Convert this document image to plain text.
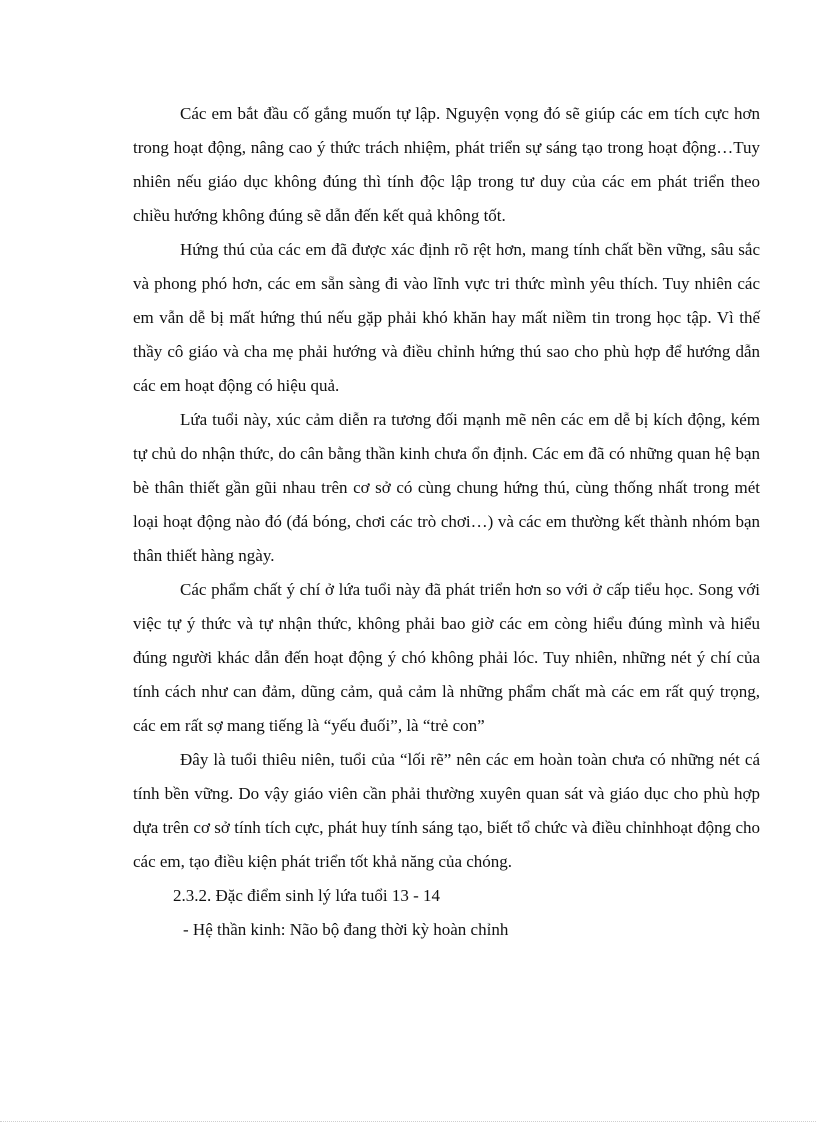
Các em bắt đầu cố gắng muốn tự lập. Nguyện vọng đó sẽ giúp các em tích cực hơn trong hoạt động, nâng cao ý thức trách nhiệm, phát triển sự sáng tạo trong hoạt động…Tuy nhiên nếu giáo dục không đúng thì tính độc lập trong tư duy của các em phát triển theo chiều hướng không đúng sẽ dẫn đến kết quả không tốt.

Hứng thú của các em đã được xác định rõ rệt hơn, mang tính chất bền vững, sâu sắc và phong phó hơn, các em sẵn sàng đi vào lĩnh vực tri thức mình yêu thích. Tuy nhiên các em vẫn dễ bị mất hứng thú nếu gặp phải khó khăn hay mất niềm tin trong học tập. Vì thế thầy cô giáo và cha mẹ phải hướng và điều chỉnh hứng thú sao cho phù hợp để hướng dẫn các em hoạt động có hiệu quả.

Lứa tuổi này, xúc cảm diễn ra tương đối mạnh mẽ nên các em dễ bị kích động, kém tự chủ do nhận thức, do cân bằng thần kinh chưa ổn định. Các em đã có những quan hệ bạn bè thân thiết gần gũi nhau trên cơ sở có cùng chung hứng thú, cùng thống nhất trong mét loại hoạt động nào đó (đá bóng, chơi các trò chơi…) và các em thường kết thành nhóm bạn thân thiết hàng ngày.

Các phẩm chất ý chí ở lứa tuổi này đã phát triển hơn so với ở cấp tiểu học. Song với việc tự ý thức và tự nhận thức, không phải bao giờ các em còng hiểu đúng mình và hiểu đúng người khác dẫn đến hoạt động ý chó không phải lóc. Tuy nhiên, những nét ý chí của tính cách như can đảm, dũng cảm, quả cảm là những phẩm chất mà các em rất quý trọng, các em rất sợ mang tiếng là “yếu đuối”, là “trẻ con”

Đây là tuổi thiêu niên, tuổi của “lối rẽ” nên các em hoàn toàn chưa có những nét cá tính bền vững. Do vậy giáo viên cần phải thường xuyên quan sát và giáo dục cho phù hợp dựa trên cơ sở tính tích cực, phát huy tính sáng tạo, biết tổ chức và điều chỉnhhoạt động cho các em, tạo điều kiện phát triển tốt khả năng của chóng.

2.3.2. Đặc điểm sinh lý lứa tuổi 13 - 14

- Hệ thần kinh: Não bộ đang thời kỳ hoàn chỉnh
